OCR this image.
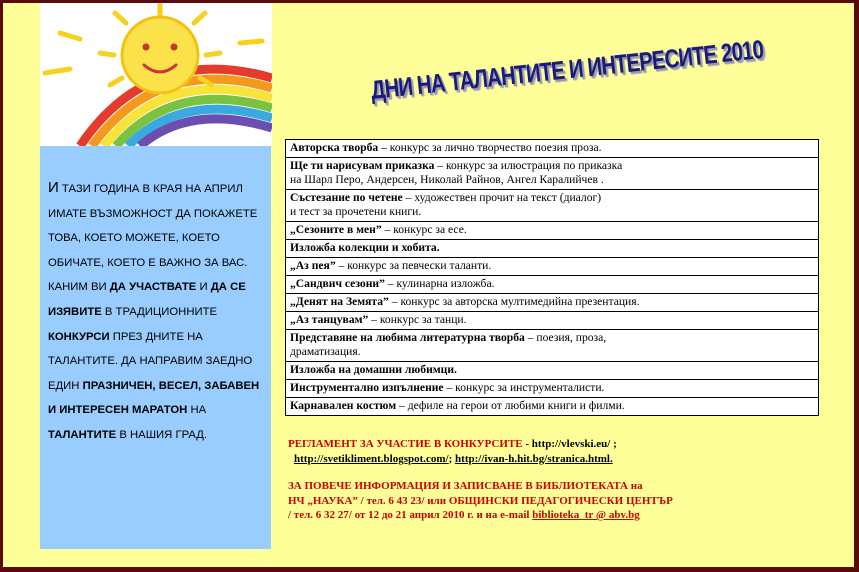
И ТАЗИ ГОДИНА В КРАЯ НА АПРИЛ ИМАТЕ ВЪЗМОЖНОСТ ДА ПОКАЖЕТЕ ТОВА, КОЕТО МОЖЕТЕ, КОЕТО ОБИЧАТЕ, КОЕТО Е ВАЖНО ЗА ВАС. КАНИМ ВИ ДА УЧАСТВАТЕ И ДА СЕ ИЗЯВИТЕ В ТРАДИЦИОННИТЕ КОНКУРСИ ПРЕЗ ДНИТЕ НА ТАЛАНТИТЕ. ДА НАПРАВИМ ЗАЕДНО ЕДИН ПРАЗНИЧЕН, ВЕСЕЛ, ЗАБАВЕН И ИНТЕРЕСЕН МАРАТОН НА ТАЛАНТИТЕ В НАШИЯ ГРАД.
ДНИ НА ТАЛАНТИТЕ И ИНТЕРЕСИТЕ 2010
Авторска творба – конкурс за лично творчество поезия проза.
Ще ти нарисувам приказка – конкурс за илюстрация по приказка
на Шарл Перо, Андерсен, Николай Райнов, Ангел Каралийчев .
Състезание по четене – художествен прочит на текст (диалог)
и тест за прочетени книги.
„Сезоните в мен” – конкурс за есе.
Изложба колекции и хобита.
„Аз пея” – конкурс за певчески таланти.
„Сандвич сезони” – кулинарна изложба.
„Денят на Земята” – конкурс за авторска мултимедийна презентация.
„Аз танцувам” – конкурс за танци.
Представяне на любима литературна творба – поезия, проза,
драматизация.
Изложба на домашни любимци.
Инструментално изпълнение – конкурс за инструменталисти.
Карнавален костюм – дефиле на герои от любими книги и филми.

РЕГЛАМЕНТ ЗА УЧАСТИЕ В КОНКУРСИТЕ - http://vlevski.eu/ ;

http://svetikliment.blogspot.com/; http://ivan-h.hit.bg/stranica.html.

ЗА ПОВЕЧЕ ИНФОРМАЦИЯ И ЗАПИСВАНЕ В БИБЛИОТЕКАТА на

НЧ „НАУКА” / тел. 6 43 23/ или ОБЩИНСКИ ПЕДАГОГИЧЕСКИ ЦЕНТЪР

/ тел. 6 32 27/ от 12 до 21 април 2010 г. и на e-mail biblioteka_tr @ abv.bg
